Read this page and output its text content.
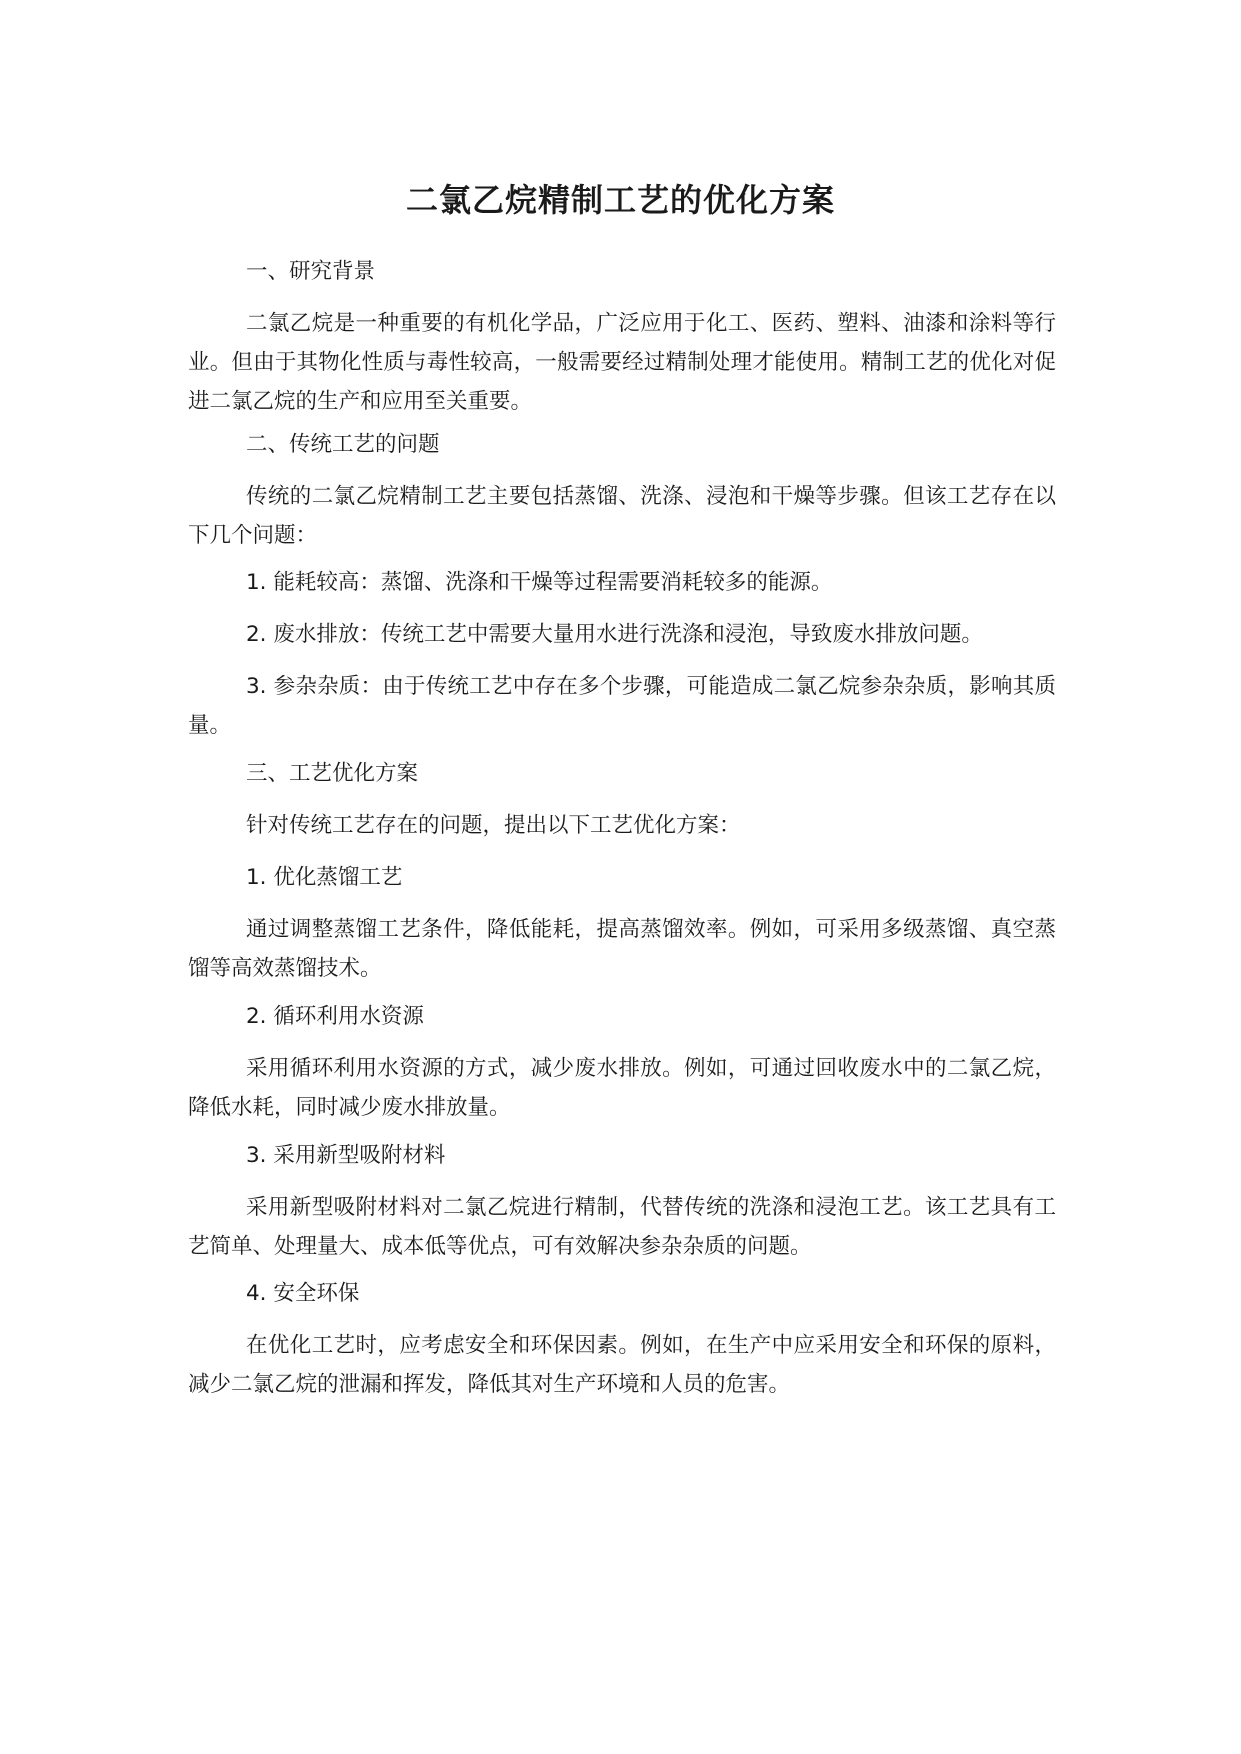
二氯乙烷精制工艺的优化方案

一、研究背景

二氯乙烷是一种重要的有机化学品，广泛应用于化工、医药、塑料、油漆和涂料等行业。但由于其物化性质与毒性较高，一般需要经过精制处理才能使用。精制工艺的优化对促进二氯乙烷的生产和应用至关重要。

二、传统工艺的问题

传统的二氯乙烷精制工艺主要包括蒸馏、洗涤、浸泡和干燥等步骤。但该工艺存在以下几个问题：

1. 能耗较高：蒸馏、洗涤和干燥等过程需要消耗较多的能源。

2. 废水排放：传统工艺中需要大量用水进行洗涤和浸泡，导致废水排放问题。

3. 参杂杂质：由于传统工艺中存在多个步骤，可能造成二氯乙烷参杂杂质，影响其质量。

三、工艺优化方案

针对传统工艺存在的问题，提出以下工艺优化方案：

1. 优化蒸馏工艺

通过调整蒸馏工艺条件，降低能耗，提高蒸馏效率。例如，可采用多级蒸馏、真空蒸馏等高效蒸馏技术。

2. 循环利用水资源

采用循环利用水资源的方式，减少废水排放。例如，可通过回收废水中的二氯乙烷，降低水耗，同时减少废水排放量。

3. 采用新型吸附材料

采用新型吸附材料对二氯乙烷进行精制，代替传统的洗涤和浸泡工艺。该工艺具有工艺简单、处理量大、成本低等优点，可有效解决参杂杂质的问题。

4. 安全环保

在优化工艺时，应考虑安全和环保因素。例如，在生产中应采用安全和环保的原料，减少二氯乙烷的泄漏和挥发，降低其对生产环境和人员的危害。
